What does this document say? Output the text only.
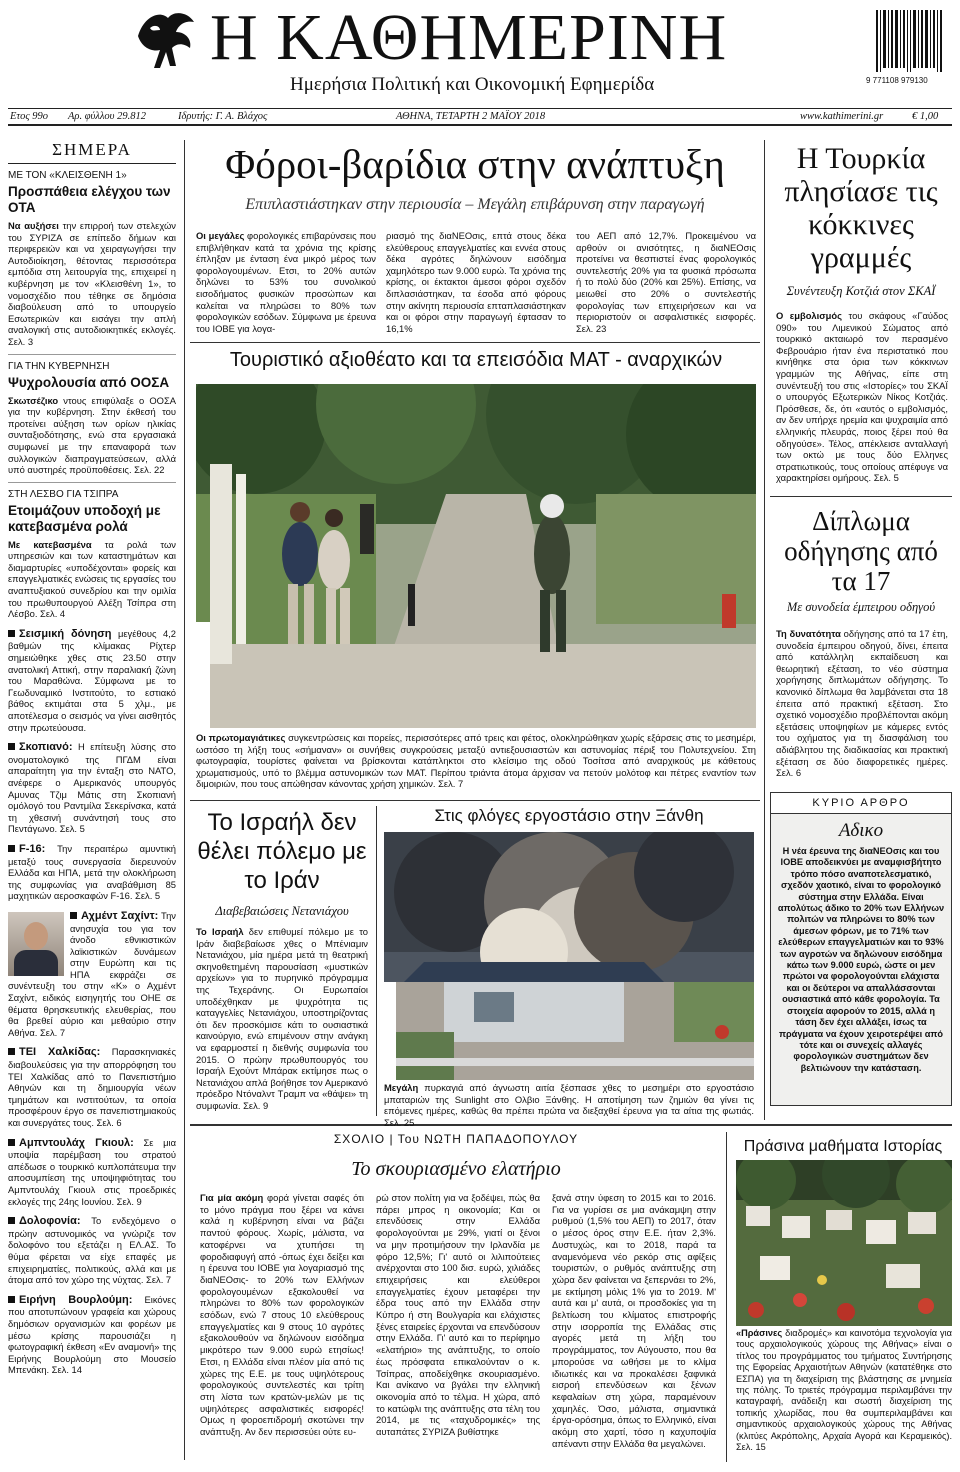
Η ΚΑΘΗΜΕΡΙΝΗ
Ημερήσια Πολιτική και Οικονομική Εφημερίδα	9 771108 979130
Ετος 99ο Αρ. φύλλου 29.812	Ιδρυτής: Γ. Α. Βλάχος	ΑΘΗΝΑ, ΤΕΤΑΡΤΗ 2 ΜΑΪΟΥ 2018	www.kathimerini.gr	€ 1,00
ΣΗΜΕΡΑ
ΜΕ ΤΟΝ «ΚΛΕΙΣΘΕΝΗ 1»
Προσπάθεια ελέγχου των ΟΤΑ
Να αυξήσει την επιρροή των στελεχών του ΣΥΡΙΖΑ σε επίπεδο δήμων και περιφερειών και να χειραγωγήσει την Αυτοδιοίκηση, θέτοντας περισσότερα εμπόδια στη λειτουργία της, επιχειρεί η κυβέρνηση με τον «Κλεισθένη 1», το νομοσχέδιο που τέθηκε σε δημόσια διαβούλευση από το υπουργείο Εσωτερικών και εισάγει την απλή αναλογική στις αυτοδιοικητικές εκλογές. Σελ. 3
ΓΙΑ ΤΗΝ ΚΥΒΕΡΝΗΣΗ
Ψυχρολουσία από ΟΟΣΑ
Σκωτσέζικο ντους επιφύλαξε ο ΟΟΣΑ για την κυβέρνηση. Στην έκθεσή του προτείνει αύξηση των ορίων ηλικίας συνταξιοδότησης, ενώ στα εργασιακά συμφωνεί με την επαναφορά των συλλογικών διαπραγματεύσεων, αλλά υπό αυστηρές προϋποθέσεις. Σελ. 22
ΣΤΗ ΛΕΣΒΟ ΓΙΑ ΤΣΙΠΡΑ
Ετοιμάζουν υποδοχή με κατεβασμένα ρολά
Με κατεβασμένα τα ρολά των υπηρεσιών και των καταστημάτων και διαμαρτυρίες «υποδέχονται» φορείς και επαγγελματικές ενώσεις τις εργασίες του αναπτυξιακού συνεδρίου και την ομιλία του πρωθυπουργού Αλέξη Τσίπρα στη Λέσβο. Σελ. 4
Σεισμική δόνηση μεγέθους 4,2 βαθμών της κλίμακας Ρίχτερ σημειώθηκε χθες στις 23.50 στην ανατολική Αττική, στην παραλιακή ζώνη του Μαραθώνα. Σύμφωνα με το Γεωδυναμικό Ινστιτούτο, το εστιακό βάθος εκτιμάται στα 5 χλμ., με αποτέλεσμα ο σεισμός να γίνει αισθητός στην πρωτεύουσα.
Σκοπιανό: Η επίτευξη λύσης στο ονοματολογικό της ΠΓΔΜ είναι απαραίτητη για την ένταξη στο ΝΑΤΟ, ανέφερε ο Αμερικανός υπουργός Αμυνας Τζιμ Μάτις στη Σκοπιανή ομόλογό του Ραντμίλα Σεκερίνσκα, κατά τη χθεσινή συνάντησή τους στο Πεντάγωνο. Σελ. 5
F-16: Την περαιτέρω αμυντική μεταξύ τους συνεργασία διερευνούν Ελλάδα και ΗΠΑ, μετά την ολοκλήρωση της συμφωνίας για αναβάθμιση 85 μαχητικών αεροσκαφών F-16. Σελ. 5
Αχμέντ Σαχίντ: Την ανησυχία του για τον άνοδο εθνικιστικών λαϊκιστικών δυνάμεων στην Ευρώπη και τις ΗΠΑ εκφράζει σε συνέντευξη του στην «Κ» ο Αχμέντ Σαχίντ, ειδικός εισηγητής του ΟΗΕ σε θέματα θρησκευτικής ελευθερίας, που θα βρεθεί αύριο και μεθαύριο στην Αθήνα. Σελ. 7
ΤΕΙ Χαλκίδας: Παρασκηνιακές διαβουλεύσεις για την απορρόφηση του ΤΕΙ Χαλκίδας από το Πανεπιστήμιο Αθηνών και τη δημιουργία νέων τμημάτων και ινστιτούτων, τα οποία προσφέρουν έργο σε πανεπιστημιακούς και συνεργάτες τους. Σελ. 6
Αμπντουλάχ Γκιουλ: Σε μια υποψία παρέμβαση του στρατού απέδωσε ο τουρκικό κυπλοπάτευμα την αποσυμπίεση της υποψηφιότητας του Αμπντουλάχ Γκιουλ στις προεδρικές εκλογές της 24ης Ιουνίου. Σελ. 9
Δολοφονία: Το ενδεχόμενο ο πρώην αστυνομικός να γνώριζε τον δολοφόνο του εξετάζει η ΕΛ.ΑΣ. Το θύμα φέρεται να είχε επαφές με επιχειρηματίες, πολιτικούς, αλλά και με άτομα από τον χώρο της νύχτας. Σελ. 7
Ειρήνη Βουρλούμη: Εικόνες που αποτυπώνουν γραφεία και χώρους δημόσιων οργανισμών και φορέων με μέσω κρίσης παρουσιάζει η φωτογραφική έκθεση «Εν αναμονή» της Ειρήνης Βουρλούμη στο Μουσείο Μπενάκη. Σελ. 14
Φόροι-βαρίδια στην ανάπτυξη
Επιπλαστιάστηκαν στην περιουσία – Μεγάλη επιβάρυνση στην παραγωγή
Οι μεγάλες φορολογικές επιβαρύνσεις που επιβλήθηκαν κατά τα χρόνια της κρίσης έπληξαν με ένταση ένα μικρό μέρος των φορολογουμένων. Ετσι, το 20% αυτών δηλώνει το 53% του συνολικού εισοδήματος φυσικών προσώπων και καλείται να πληρώσει το 80% των φορολογικών εσόδων. Σύμφωνα με έρευνα του ΙΟΒΕ για λογα-
ριασμό της διαΝΕΟσις, επτά στους δέκα ελεύθερους επαγγελματίες και εννέα στους δέκα αγρότες δηλώνουν εισόδημα χαμηλότερο των 9.000 ευρώ. Τα χρόνια της κρίσης, οι έκτακτοι άμεσοι φόροι σχεδόν διπλασιάστηκαν, τα έσοδα από φόρους στην ακίνητη περιουσία επταπλασιάστηκαν και οι φόροι στην παραγωγή έφτασαν το 16,1%
του ΑΕΠ από 12,7%. Προκειμένου να αρθούν οι ανισότητες, η διαΝΕΟσις προτείνει να θεσπιστεί ένας φορολογικός συντελεστής 20% για τα φυσικά πρόσωπα ή το πολύ δύο (20% και 25%). Επίσης, να μειωθεί στο 20% ο συντελεστής φορολογίας των επιχειρήσεων και να περιοριστούν οι ασφαλιστικές εισφορές. Σελ. 23
Τουριστικό αξιοθέατο και τα επεισόδια ΜΑΤ - αναρχικών
Οι πρωτομαγιάτικες συγκεντρώσεις και πορείες, περισσότερες από τρεις και φέτος, ολοκληρώθηκαν χωρίς εξάρσεις στις το μεσημέρι, ωστόσο τη λήξη τους «σήμαναν» οι συνήθεις συγκρούσεις μεταξύ αντιεξουσιαστών και αστυνομίας πέριξ του Πολυτεχνείου. Στη φωτογραφία, τουρίστες φαίνεται να βρίσκονται κατάπληκτοι στο κλείσιμο της οδού Τοσίτσα από αναρχικούς με κάθετους χρωματισμούς, υπό το βλέμμα αστυνομικών των ΜΑΤ. Περίπου τριάντα άτομα άρχισαν να πετούν μολότοφ και πέτρες εναντίον των διμοιριών, που τους απώθησαν κάνοντας χρήση χημικών. Σελ. 7
Το Ισραήλ δεν θέλει πόλεμο με το Ιράν
Διαβεβαιώσεις Νετανιάχου
Το Ισραήλ δεν επιθυμεί πόλεμο με το Ιράν διαβεβαίωσε χθες ο Μπένιαμιν Νετανιάχου, μία ημέρα μετά τη θεατρική σκηνοθετημένη παρουσίαση «μυστικών αρχείων» για το πυρηνικό πρόγραμμα της Τεχεράνης. Οι Ευρωπαίοι υποδέχθηκαν με ψυχρότητα τις καταγγελίες Νετανιάχου, υποστηρίζοντας ότι δεν προσκόμισε κάτι το ουσιαστικά καινούργιο, ενώ επιμένουν στην ανάγκη να εφαρμοστεί η διεθνής συμφωνία του 2015. Ο πρώην πρωθυπουργός του Ισραήλ Εχούντ Μπάρακ εκτίμησε πως ο Νετανιάχου απλά βοήθησε τον Αμερικανό πρόεδρο Ντόναλντ Τραμπ να «θάψει» τη συμφωνία. Σελ. 9
Στις φλόγες εργοστάσιο στην Ξάνθη
Μεγάλη πυρκαγιά από άγνωστη αιτία ξέσπασε χθες το μεσημέρι στο εργοστάσιο μπαταριών της Sunlight στο Ολβιο Ξάνθης. Η αποτίμηση των ζημιών θα γίνει τις επόμενες ημέρες, καθώς θα πρέπει πρώτα να διεξαχθεί έρευνα για τα αίτια της φωτιάς. Σελ. 25
Η Τουρκία πλησίασε τις κόκκινες γραμμές
Συνέντευξη Κοτζιά στον ΣΚΑΪ
Ο εμβολισμός του σκάφους «Γαύδος 090» του Λιμενικού Σώματος από τουρκικό ακταιωρό τον περασμένο Φεβρουάριο ήταν ένα περιστατικό που κινήθηκε στα όρια των κόκκινων γραμμών της Αθήνας, είπε στη συνέντευξή του στις «Ιστορίες» του ΣΚΑΪ ο υπουργός Εξωτερικών Νίκος Κοτζιάς. Πρόσθεσε, δε, ότι «αυτός ο εμβολισμός, αν δεν υπήρχε ηρεμία και ψυχραιμία από ελληνικής πλευράς, ποιος ξέρει πού θα οδηγούσε». Τέλος, απέκλεισε ανταλλαγή των οκτώ με τους δύο Ελληνες στρατιωτικούς, τους οποίους απέφυγε να χαρακτηρίσει ομήρους. Σελ. 5
Δίπλωμα οδήγησης από τα 17
Με συνοδεία έμπειρου οδηγού
Τη δυνατότητα οδήγησης από τα 17 έτη, συνοδεία έμπειρου οδηγού, δίνει, έπειτα από κατάλληλη εκπαίδευση και θεωρητική εξέταση, το νέο σύστημα χορήγησης διπλωμάτων οδήγησης. Το κανονικό δίπλωμα θα λαμβάνεται στα 18 έπειτα από πρακτική εξέταση. Στο σχετικό νομοσχέδιο προβλέπονται ακόμη εξετάσεις υποψηφίων με κάμερες εντός του οχήματος για τη διασφάλιση του αδιάβλητου της διαδικασίας και πρακτική εξέταση σε δύο διαφορετικές ημέρες. Σελ. 6
ΚΥΡΙΟ ΑΡΘΡΟ
Αδικο
Η νέα έρευνα της διαΝΕΟσις και του ΙΟΒΕ αποδεικνύει με αναμφισβήτητο τρόπο πόσο αναποτελεσματικό, σχεδόν χαοτικό, είναι το φορολογικό σύστημα στην Ελλάδα. Είναι απολύτως άδικο το 20% των Ελλήνων πολιτών να πληρώνει το 80% των άμεσων φόρων, με το 71% των ελεύθερων επαγγελματιών και το 93% των αγροτών να δηλώνουν εισόδημα κάτω των 9.000 ευρώ, ώστε οι μεν πρώτοι να φορολογούνται ελάχιστα και οι δεύτεροι να απαλλάσσονται ουσιαστικά από κάθε φορολογία. Τα στοιχεία αφορούν το 2015, αλλά η τάση δεν έχει αλλάξει, ίσως τα πράγματα να έχουν χειροτερέψει από τότε και οι συνεχείς αλλαγές φορολογικών συστημάτων δεν βελτιώνουν την κατάσταση.
Πράσινα μαθήματα Ιστορίας
«Πράσινες διαδρομές» και καινοτόμα τεχνολογία για τους αρχαιολογικούς χώρους της Αθήνας» είναι ο τίτλος του προγράμματος του τμήματος Συντήρησης της Εφορείας Αρχαιοτήτων Αθηνών (κατατέθηκε στο ΕΣΠΑ) για τη διαχείριση της βλάστησης σε μνημεία της πόλης. Το τριετές πρόγραμμα περιλαμβάνει την καταγραφή, ανάδειξη και σωστή διαχείριση της τοπικής χλωρίδας, που θα συμπεριλαμβάνει και σημαντικούς αρχαιολογικούς χώρους της Αθήνας (κλιτύες Ακρόπολης, Αρχαία Αγορά και Κεραμεικός). Σελ. 15
ΣΧΟΛΙΟ | Του ΝΩΤΗ ΠΑΠΑΔΟΠΟΥΛΟΥ
Το σκουριασμένο ελατήριο
Για μία ακόμη φορά γίνεται σαφές ότι το μόνο πράγμα που ξέρει να κάνει καλά η κυβέρνηση είναι να βάζει παντού φόρους. Χωρίς, μάλιστα, να κατοφέρνει να χτυπήσει τη φοροδιαφυγή από -όπως έχει δείξει και η έρευνα του ΙΟΒΕ για λογαριασμό της διαΝΕΟσις- το 20% των Ελλήνων φορολογουμένων εξακολουθεί να πληρώνει το 80% των φορολογικών εσόδων, ενώ 7 στους 10 ελεύθερους επαγγελματίες και 9 στους 10 αγρότες εξακολουθούν να δηλώνουν εισόδημα μικρότερο των 9.000 ευρώ ετησίως! Ετσι, η Ελλάδα είναι πλέον μία από τις χώρες της Ε.Ε. με τους υψηλότερους φορολογικούς συντελεστές και τρίτη στη λίστα των κρατών-μελών με τις υψηλότερες ασφαλιστικές εισφορές! Ομως η φοροεπιδρομή σκοτώνει την ανάπτυξη. Αν δεν περισσεύει ούτε ευ-
ρώ στον πολίτη για να ξοδέψει, πώς θα πάρει μπρος η οικονομία; Και οι επενδύσεις στην Ελλάδα φορολογούνται με 29%, γιατί οι ξένοι να μην προτιμήσουν την Ιρλανδία με φόρο 12,5%; Γι' αυτό οι λιλιπούτειες ανέρχονται στο 100 δισ. ευρώ, χιλιάδες επιχειρήσεις και ελεύθεροι επαγγελματίες έχουν μεταφέρει την έδρα τους από την Ελλάδα στην Κύπρο ή στη Βουλγαρία και ελάχιστες ξένες εταιρείες έρχονται να επενδύσουν στην Ελλάδα. Γι' αυτό και το περίφημο «ελατήριο» της ανάπτυξης, το οποίο έως πρόσφατα επικαλούνταν ο κ. Τσίπρας, αποδείχθηκε σκουριασμένο. Και ανίκανο να βγάλει την ελληνική οικονομία από το τέλμα. Η χώρα, από το κατώφλι της ανάπτυξης στα τέλη του 2014, με τις «ταχυδρομικές» της αυταπάτες ΣΥΡΙΖΑ βυθίστηκε
ξανά στην ύφεση το 2015 και το 2016. Για να γυρίσει σε μια ανάκαμψη στην ρυθμού (1,5% του ΑΕΠ) το 2017, όταν ο μέσος όρος στην Ε.Ε. ήταν 2,3%. Δυστυχώς, και το 2018, παρά τα αναμενόμενα νέο ρεκόρ στις αφίξεις τουριστών, ο ρυθμός ανάπτυξης στη χώρα δεν φαίνεται να ξεπερνάει το 2%, με εκτίμηση μόλις 1% για το 2019. Μ' αυτά και μ' αυτά, οι προσδοκίες για τη βελτίωση του κλίματος επιστροφής στην ισορροπία της Ελλάδας στις αγορές μετά τη λήξη του προγράμματος, τον Αύγουστο, που θα μπορούσε να ωθήσει με το κλίμα ιδιωτικές και να προκαλέσει ξαφνικά εισροή επενδύσεων και ξένων κεφαλαίων στη χώρα, παραμένουν χαμηλές. Όσο, μάλιστα, σημαντικά έργα-ορόσημα, όπως το Ελληνικό, είναι ακόμη στο χαρτί, τόσο η καχυποψία απέναντι στην Ελλάδα θα μεγαλώνει.
